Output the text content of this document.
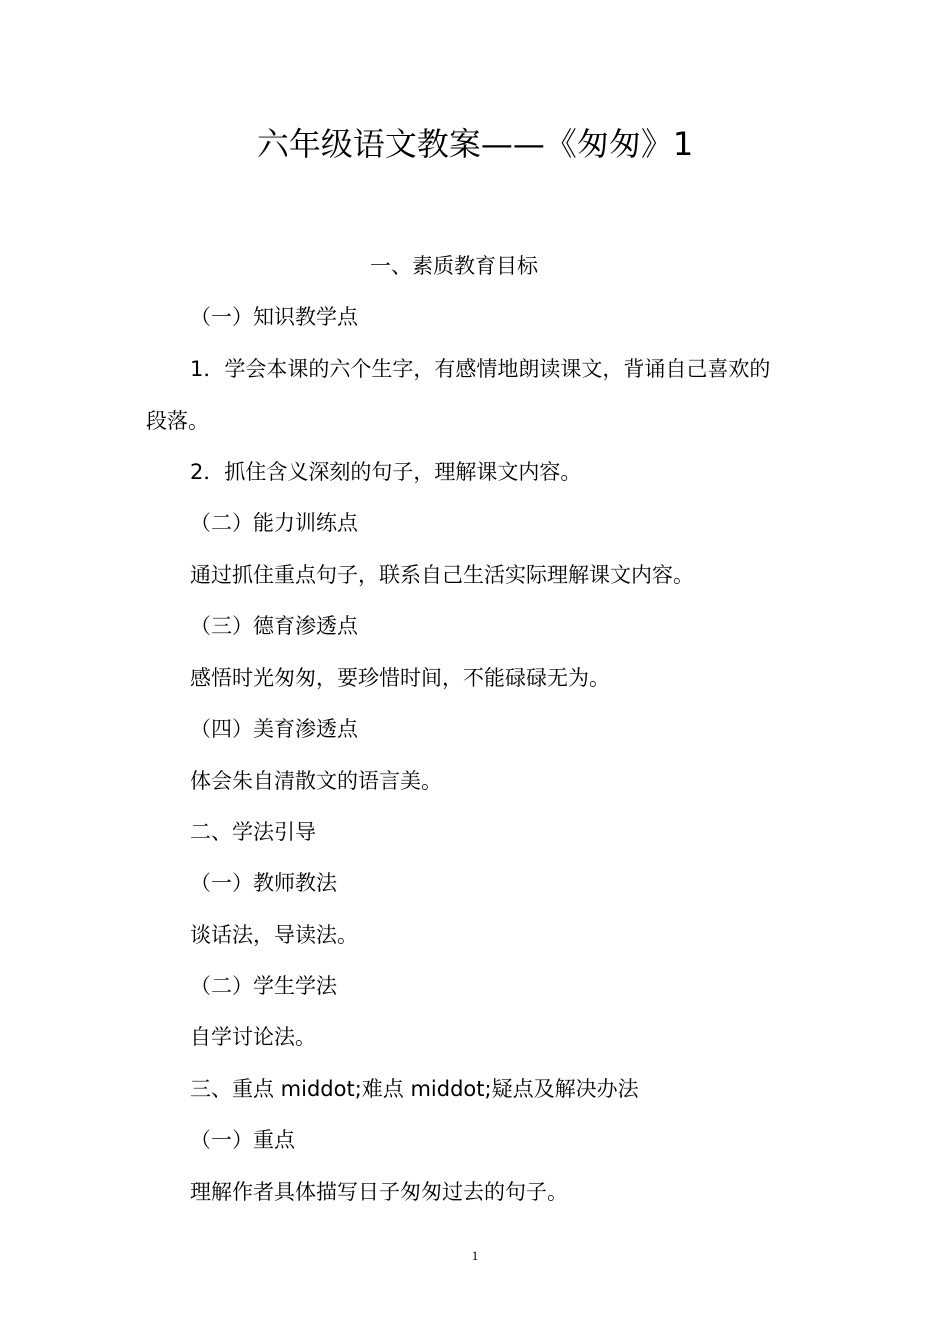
六年级语文教案——《匆匆》1
一、素质教育目标
（一）知识教学点
1．学会本课的六个生字，有感情地朗读课文，背诵自己喜欢的
段落。
2．抓住含义深刻的句子，理解课文内容。
（二）能力训练点
通过抓住重点句子，联系自己生活实际理解课文内容。
（三）德育渗透点
感悟时光匆匆，要珍惜时间，不能碌碌无为。
（四）美育渗透点
体会朱自清散文的语言美。
二、学法引导
（一）教师教法
谈话法，导读法。
（二）学生学法
自学讨论法。
三、重点 middot;难点 middot;疑点及解决办法
（一）重点
理解作者具体描写日子匆匆过去的句子。
1
